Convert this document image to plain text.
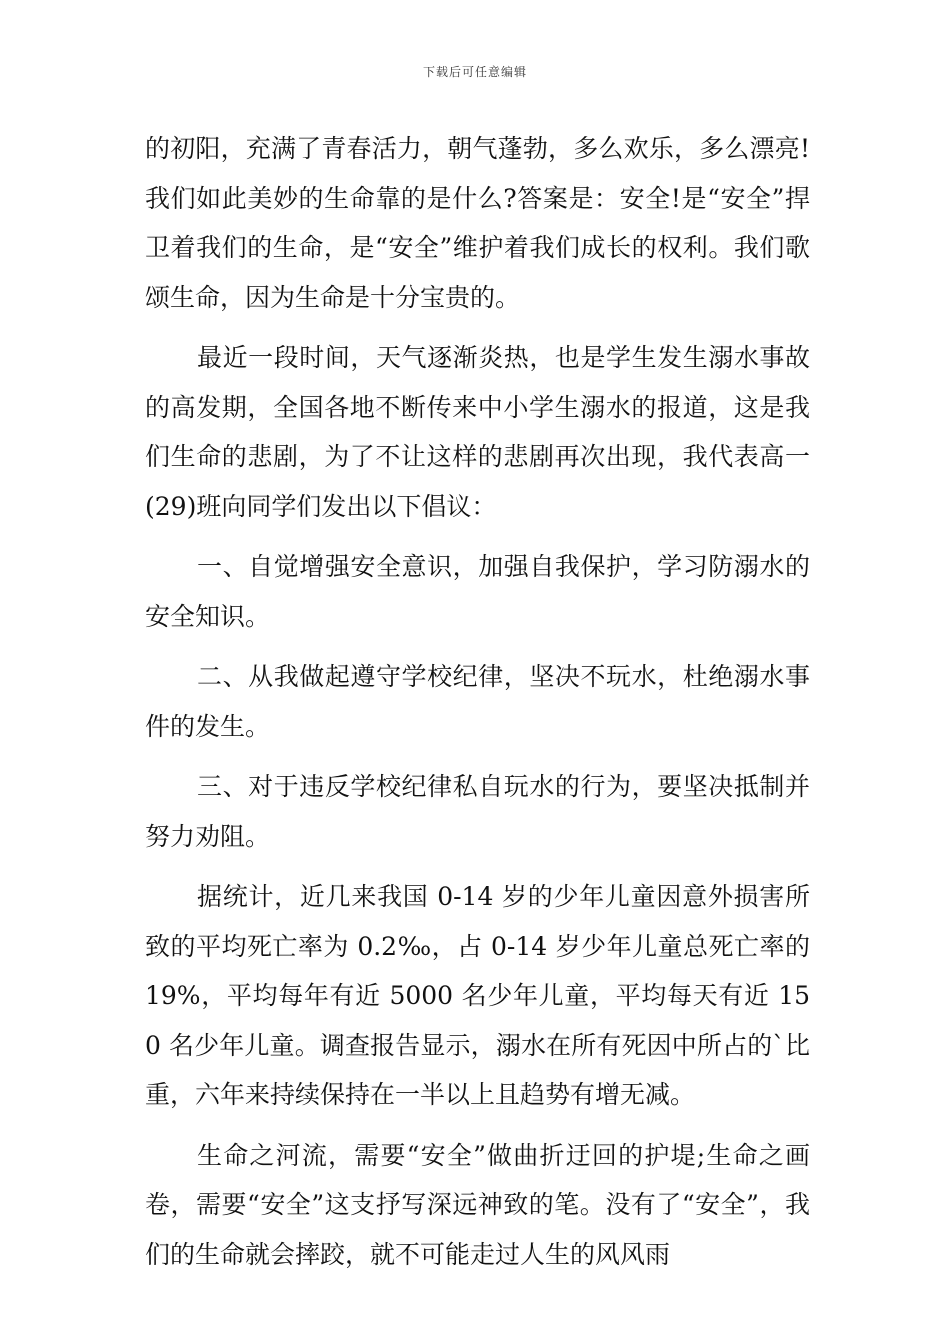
下载后可任意编辑

的初阳，充满了青春活力，朝气蓬勃，多么欢乐，多么漂亮!我们如此美妙的生命靠的是什么?答案是：安全!是“安全”捍卫着我们的生命，是“安全”维护着我们成长的权利。我们歌颂生命，因为生命是十分宝贵的。

最近一段时间，天气逐渐炎热，也是学生发生溺水事故的高发期，全国各地不断传来中小学生溺水的报道，这是我们生命的悲剧，为了不让这样的悲剧再次出现，我代表高一(29)班向同学们发出以下倡议：

一、自觉增强安全意识，加强自我保护，学习防溺水的安全知识。

二、从我做起遵守学校纪律，坚决不玩水，杜绝溺水事件的发生。

三、对于违反学校纪律私自玩水的行为，要坚决抵制并努力劝阻。

据统计，近几来我国 0-14 岁的少年儿童因意外损害所致的平均死亡率为 0.2‰，占 0-14 岁少年儿童总死亡率的19%，平均每年有近 5000 名少年儿童，平均每天有近 150 名少年儿童。调查报告显示，溺水在所有死因中所占的`比重，六年来持续保持在一半以上且趋势有增无减。

生命之河流，需要“安全”做曲折迂回的护堤;生命之画卷，需要“安全”这支抒写深远神致的笔。没有了“安全”，我们的生命就会摔跤，就不可能走过人生的风风雨
